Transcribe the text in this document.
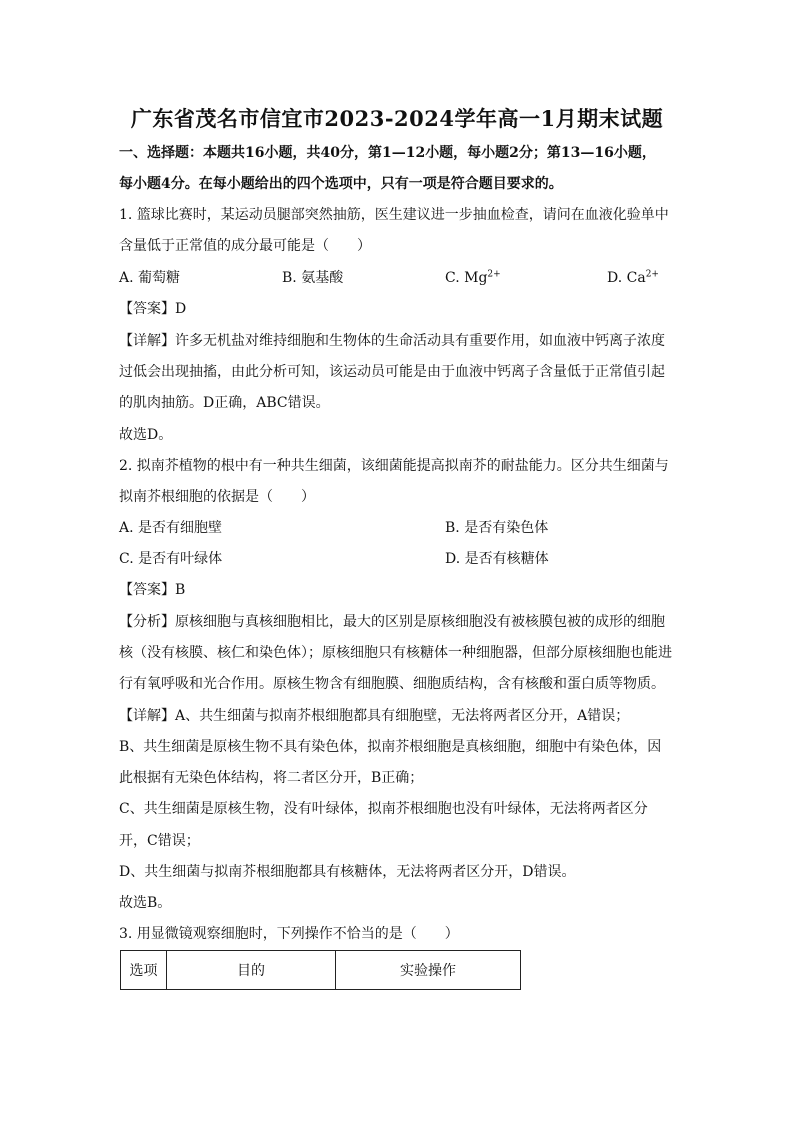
广东省茂名市信宜市2023-2024学年高一1月期末试题
一、选择题：本题共16小题，共40分，第1—12小题，每小题2分；第13—16小题，
每小题4分。在每小题给出的四个选项中，只有一项是符合题目要求的。
1. 篮球比赛时，某运动员腿部突然抽筋，医生建议进一步抽血检查，请问在血液化验单中
含量低于正常值的成分最可能是（　　）
A. 葡萄糖	B. 氨基酸	C. $Mg^{2+}$	D. $Ca^{2+}$
【答案】D
【详解】许多无机盐对维持细胞和生物体的生命活动具有重要作用，如血液中钙离子浓度
过低会出现抽搐，由此分析可知，该运动员可能是由于血液中钙离子含量低于正常值引起
的肌肉抽筋。D正确，ABC错误。
故选D。
2. 拟南芥植物的根中有一种共生细菌，该细菌能提高拟南芥的耐盐能力。区分共生细菌与
拟南芥根细胞的依据是（　　）
A. 是否有细胞壁	B. 是否有染色体
C. 是否有叶绿体	D. 是否有核糖体
【答案】B
【分析】原核细胞与真核细胞相比，最大的区别是原核细胞没有被核膜包被的成形的细胞
核（没有核膜、核仁和染色体）；原核细胞只有核糖体一种细胞器，但部分原核细胞也能进
行有氧呼吸和光合作用。原核生物含有细胞膜、细胞质结构，含有核酸和蛋白质等物质。
【详解】A、共生细菌与拟南芥根细胞都具有细胞壁，无法将两者区分开，A错误；
B、共生细菌是原核生物不具有染色体，拟南芥根细胞是真核细胞，细胞中有染色体，因
此根据有无染色体结构，将二者区分开，B正确；
C、共生细菌是原核生物，没有叶绿体，拟南芥根细胞也没有叶绿体，无法将两者区分
开，C错误；
D、共生细菌与拟南芥根细胞都具有核糖体，无法将两者区分开，D错误。
故选B。
3. 用显微镜观察细胞时，下列操作不恰当的是（　　）
选项	目的	实验操作
